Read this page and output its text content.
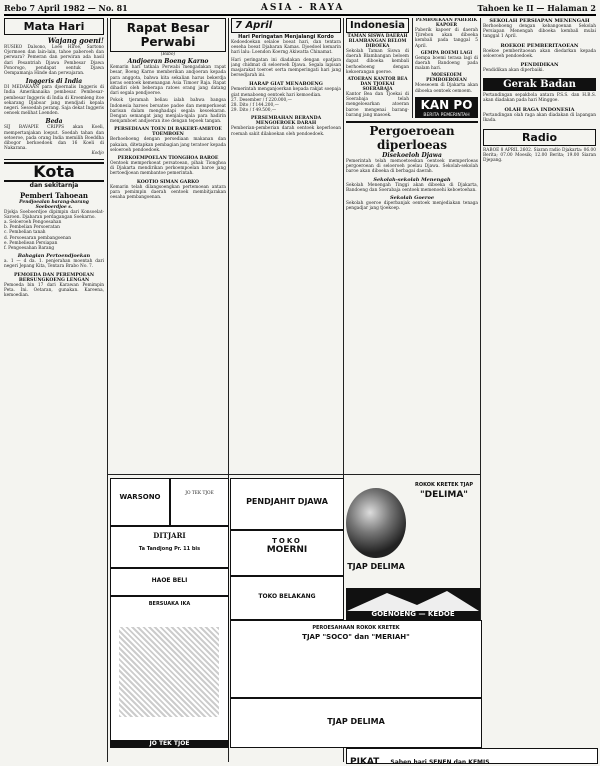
Rebo 7 April 1982 — No. 81	ASIA - RAYA	Tahoen ke II — Halaman 2
Mata Hari
Wajang goeni!
RUSIKO Dalsono, Loeo Hiroe, Sartono Ojormoen dan lain-lain, tahoe paberoeh dan perwara? Pemeran dan perwiran ada hasil dari Pesantriah Djawa Pembesar Djawa Ponorogo, pendapat oentuk Djawa Oempamanja Hinde dan perwajaran.
Inggeris di India
DI MEDAKAAN para djoernalis Inggeris di India Amerikanaika pembesar. Pembesar-pembesar Inggeris di India di Kroemleng itoe sekarang Djaboar jang mendjadi kepala negeri. Sesoedah perang. Saja dekat Inggeris oenoek melihat Loenden.
Beda
SIJ BAVAPIE CRIPPS akan Koeli, mempertanjakan loeput. Soedah tahan dan setoeroe, pada orang India memilih Boeddha dibogor berkoedoek dan 16 Koeli di Nakarana.
Kodjo
Kota
dan sekitarnja
Pemberi Tahoean
Pendjoealan barang-barang Soeboerdjoe s.
Djokja Soeboerdjoe dipimpin dari Konsoelat-Saroen. Djabaran perdagangan Soekarno.
a. Seloeroeh Pengoesahan
b. Pembelian Persoeratan
c. Pembelian tanah
d. Persoesaran pembangoenan
e. Pembeliean Persiapan
f. Pengoesahan Barang
Bahagian Pertoendjoekan
a. 1 — d da. 1. penjerahan moentah dari negeri Jepang Kita, Tentara Brabo No. 7.
PEMOEDA DAN PEREMPOEAN BERSUNGKOENG LENGAN
Pemoeda bin 17 dari Karawan Pemimpin Peta. Ini. Oetaran, gunakan. Kareena, kemoedian.
Rapat Besar Perwabi
(Babo)
Andjoeran Boeng Karno
Kemarin hari tatkala Perwabi mengadakan rapat besar, Boeng Karno memberikan andjoeran kepada para anggota, bahwa kita sekalian harus bekerdja keras oentoek kemenangan Asia Timoer Raja. Rapat dihadiri oleh beberapa ratoes orang jang datang dari segala pendjoeroe.
Pokok tjeramah beliau ialah bahwa bangsa Indonesia haroes bersatoe padoe dan memperkoeat barisan dalam menghadapi segala kesoekaran. Dengan semangat jang menjala-njala para hadirin menjamboet andjoeran itoe dengan tepoek tangan.
PERSEDIAAN TOEN DI BAKERT-AMBTOE TOEMBOEN
Berhoeboeng dengan persediaan makanan dan pakaian, ditetapkan pembagian jang teratoer kepada seloeroeh pendoedoek.
PERKOEMPOELAN TIONGHOA BAROE
Oentoek memperkoeat persatoean, pihak Tionghoa di Djakarta mendirikan perkoempoelan baroe jang bertoedjoean membantoe pemerintah.
KOOTIO SIMAN GARKO
Kemarin telah dilangsoengkan pertemoean antara para pemimpin daerah oentoek membitjarakan oesaha pembangoenan.
7 April
Hari Peringatan Menjalangi Kordo
Kedoedoekan selaloe boeat hari, dan tentara oeseha boeat Djabaran Kamas. Djoedoel kemarin hari lalu: Loendon Koerng Akiwatta Chinamat.
Hari peringatan ini diadakan dengan opatjara jang chidmat di seloeroeh Djawa. Segala lapisan masjarakat toeroet serta memperingati hari jang bersedjarah ini.
HARAP GIAT MENABOENG
Pemerintah menganjoerkan kepada rakjat soepaja giat menaboeng oentoek hari kemoedian.
27. Desember / f 220.000,—
28. Dito / f 144.200,—
29. Dito / f 49.500,—
PERSEMBAHAN BERANDA MENGOEROEK DARAH
Pemberian-pemberian darah oentoek keperloean roemah sakit dilakoekan oleh pendoedoek.
Indonesia
TAMAN SISWA DAERAH BLAMBANGAN BELOM DIBOEKA
Sekolah Taman Siswa di daerah Blambangan beloem dapat diboeka kembali berhoeboeng dengan kekoerangan goeroe.
ATOERAN KANTOR BEA DAN TJOEKAI SOERABAJA
Kantor Bea dan Tjoekai di Soerabaja telah mengeloearkan atoeran baroe mengenai barang-barang jang masoek.
PEMBOEKAAN PABERIK KAPOER
Paberik kapoer di daerah Tjirebon akan diboeka kembali pada tanggal 5 April.
GEMPA BOEMI LAGI
Gempa boemi terasa lagi di daerah Bandoeng pada malam hari.
MOESEOEM PEMBOEROEAN
Moeseoem di Djakarta akan diboeka oentoek oemoem.
KAN PO
BERITA PEMERINTAH
Pergoeroean diperloeas
Disekoeloh Djawa
Pemerintah telah memoetoeskan oentoek memperloeas pergoeroean di seloeroeh poelau Djawa. Sekolah-sekolah baroe akan diboeka di berbagai daerah.
Sekolah-sekolah Menengah
Sekolah Menengah Tinggi akan diboeka di Djakarta, Bandoeng dan Soerabaja oentoek memenoehi keboetoehan.
Sekolah Goeroe
Sekolah goeroe diperbanjak oentoek menjediakan tenaga pengadjar jang tjoekoep.
SEKOLAH PERSIAPAN MENENGAH
Berhoeboeng dengan kebangoenan Sekolah Persiapan Menengah diboeka kembali mulai tanggal 1 April.
ROEKOE PEMBERITAOEAN
Roekoe pemberitaoean akan diedarkan kepada seloeroeh pendoedoek.
PENDIDIKAN
Pendidikan akan diperbaiki.
Gerak Badan
Pertandingan sepakbola antara P.S.S. dan H.B.S. akan diadakan pada hari Minggoe.
OLAH RAGA INDONESIA
Pertandingan olah raga akan diadakan di lapangan Ikada.
Radio
RABOE 8 APRIL 2602. Siaran radio Djakarta: 06.00 Berita; 07.00 Moesik; 12.00 Berita; 19.00 Siaran Djepang.
WARSONO	JO TEK TJOE
DITJARI
Ta Tandjong Pr. 11 bis
HAOE BELI
BERSUAKA IKA
JO TEK TJOE
PENDJAHIT DJAWA
TOKO
MOERNI
TOKO BELAKANG
PEROESAHAAN ROKOK KRETEK
TJAP "SOCO" dan "MERIAH"
TJAP DELIMA
ROKOK KRETEK TJAP
"DELIMA"
GOENOENG — KEDOE
TJAP DELIMA
PIKAT Saben hari SENEN dan KEMIS
